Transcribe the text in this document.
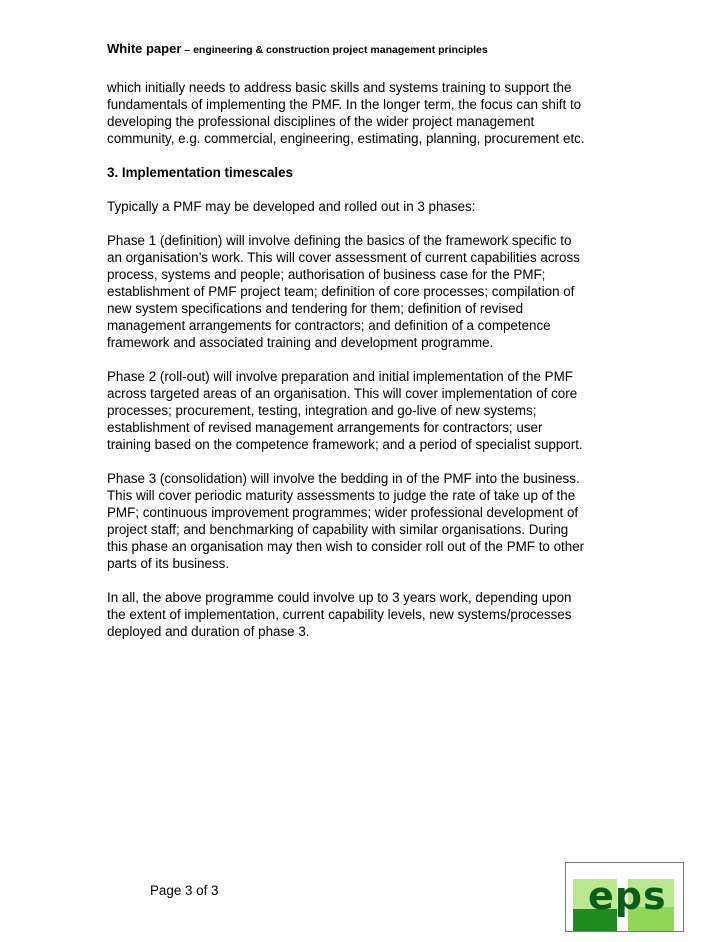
White paper – engineering & construction project management principles

which initially needs to address basic skills and systems training to support the
fundamentals of implementing the PMF. In the longer term, the focus can shift to
developing the professional disciplines of the wider project management
community, e.g. commercial, engineering, estimating, planning, procurement etc.

3. Implementation timescales

Typically a PMF may be developed and rolled out in 3 phases:

Phase 1 (definition) will involve defining the basics of the framework specific to
an organisation’s work. This will cover assessment of current capabilities across
process, systems and people; authorisation of business case for the PMF;
establishment of PMF project team; definition of core processes; compilation of
new system specifications and tendering for them; definition of revised
management arrangements for contractors; and definition of a competence
framework and associated training and development programme.

Phase 2 (roll-out) will involve preparation and initial implementation of the PMF
across targeted areas of an organisation. This will cover implementation of core
processes; procurement, testing, integration and go-live of new systems;
establishment of revised management arrangements for contractors; user
training based on the competence framework; and a period of specialist support.

Phase 3 (consolidation) will involve the bedding in of the PMF into the business.
This will cover periodic maturity assessments to judge the rate of take up of the
PMF; continuous improvement programmes; wider professional development of
project staff; and benchmarking of capability with similar organisations. During
this phase an organisation may then wish to consider roll out of the PMF to other
parts of its business.

In all, the above programme could involve up to 3 years work, depending upon
the extent of implementation, current capability levels, new systems/processes
deployed and duration of phase 3.

Page 3 of 3	eps
